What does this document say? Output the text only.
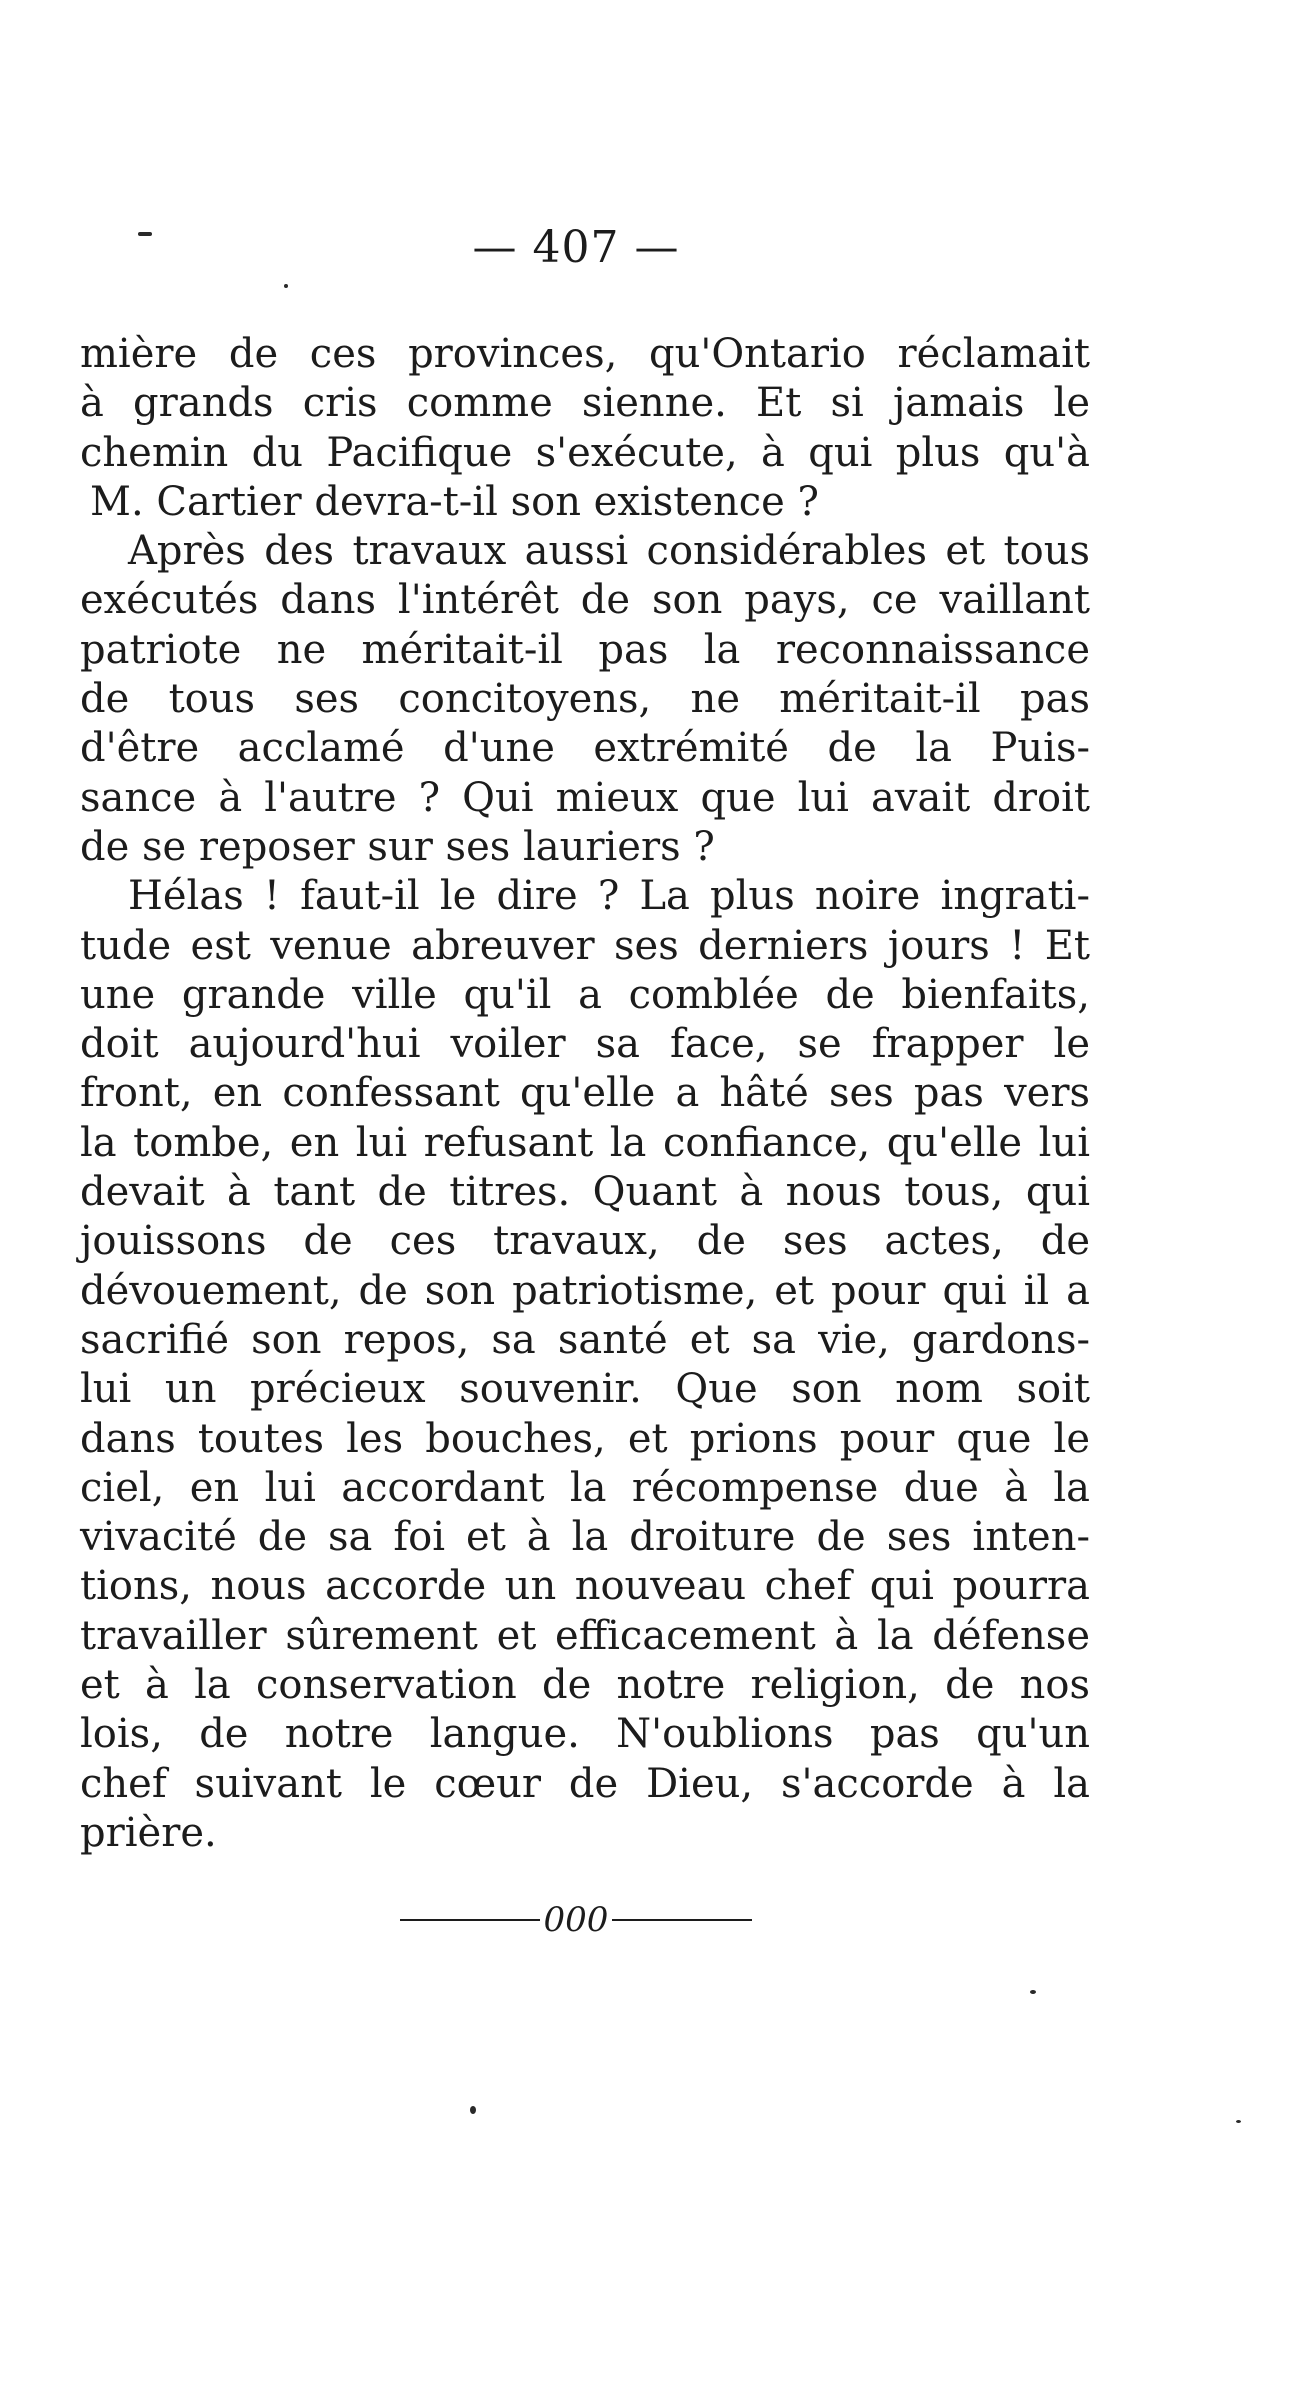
— 407 —
mière de ces provinces, qu'Ontario réclamait
à grands cris comme sienne. Et si jamais le
chemin du Pacifique s'exécute, à qui plus qu'à
M. Cartier devra-t-il son existence ?
Après des travaux aussi considérables et tous
exécutés dans l'intérêt de son pays, ce vaillant
patriote ne méritait-il pas la reconnaissance
de tous ses concitoyens, ne méritait-il pas
d'être acclamé d'une extrémité de la Puis-
sance à l'autre ? Qui mieux que lui avait droit
de se reposer sur ses lauriers ?
Hélas ! faut-il le dire ? La plus noire ingrati-
tude est venue abreuver ses derniers jours ! Et
une grande ville qu'il a comblée de bienfaits,
doit aujourd'hui voiler sa face, se frapper le
front, en confessant qu'elle a hâté ses pas vers
la tombe, en lui refusant la confiance, qu'elle lui
devait à tant de titres. Quant à nous tous, qui
jouissons de ces travaux, de ses actes, de
dévouement, de son patriotisme, et pour qui il a
sacrifié son repos, sa santé et sa vie, gardons-
lui un précieux souvenir. Que son nom soit
dans toutes les bouches, et prions pour que le
ciel, en lui accordant la récompense due à la
vivacité de sa foi et à la droiture de ses inten-
tions, nous accorde un nouveau chef qui pourra
travailler sûrement et efficacement à la défense
et à la conservation de notre religion, de nos
lois, de notre langue. N'oublions pas qu'un
chef suivant le cœur de Dieu, s'accorde à la
prière.
000
